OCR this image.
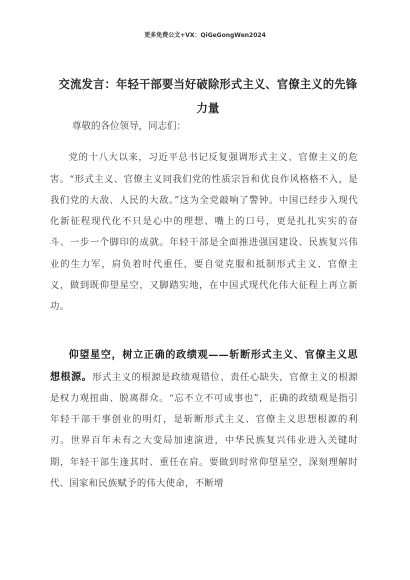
更多免费公文+VX：QiGeGongWen2024
交流发言：年轻干部要当好破除形式主义、官僚主义的先锋力量
尊敬的各位领导，同志们：

党的十八大以来，习近平总书记反复强调形式主义、官僚主义的危害。“形式主义、官僚主义同我们党的性质宗旨和优良作风格格不入，是我们党的大敌、人民的大敌。”这为全党敲响了警钟。中国已经步入现代化新征程现代化不只是心中的理想、嘴上的口号，更是扎扎实实的奋斗、一步一个脚印的成就。年轻干部是全面推进强国建设、民族复兴伟业的生力军，肩负着时代重任，要自觉克服和抵制形式主义、官僚主义，做到既仰望星空，又脚踏实地，在中国式现代化伟大征程上再立新功。

仰望星空，树立正确的政绩观——斩断形式主义、官僚主义思想根源。形式主义的根源是政绩观错位、责任心缺失，官僚主义的根源是权力观扭曲、脱离群众。“忘不立不可成事也”，正确的政绩观是指引年轻干部干事创业的明灯，是斩断形式主义、官僚主义思想根源的利刃。世界百年未有之大变局加速演进，中华民族复兴伟业进入关键时期，年轻干部生逢其时、重任在肩。要做到时常仰望星空，深刻理解时代、国家和民族赋予的伟大使命，不断增
